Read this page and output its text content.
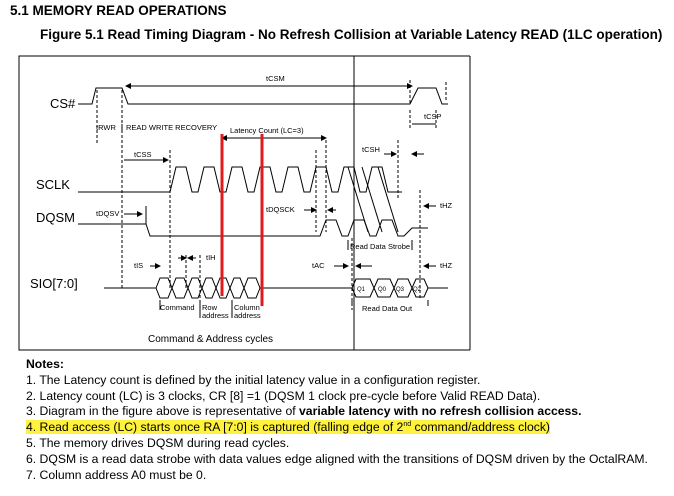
5.1 MEMORY READ OPERATIONS
Figure 5.1 Read Timing Diagram - No Refresh Collision at Variable Latency READ (1LC operation)
CS#
SCLK
DQSM
SIO[7:0]
tCSM
tCSP
tRWR READ WRITE RECOVERY Latency Count (LC=3)
tCSS
tCSH
tDQSV	tDQSCK	tHZ
Read Data Strobe
tIS
tIH
tAC	tHZ
Command Row
address
Column
address
Q1 Q0 Q3 Q2
Read Data Out
Command & Address cycles
Notes:
1. The Latency count is defined by the initial latency value in a configuration register.
2. Latency count (LC) is 3 clocks, CR [8] =1 (DQSM 1 clock pre-cycle before Valid READ Data).
3. Diagram in the figure above is representative of variable latency with no refresh collision access.
4. Read access (LC) starts once RA [7:0] is captured (falling edge of 2nd command/address clock)
5. The memory drives DQSM during read cycles.
6. DQSM is a read data strobe with data values edge aligned with the transitions of DQSM driven by the OctalRAM.
7. Column address A0 must be 0.
